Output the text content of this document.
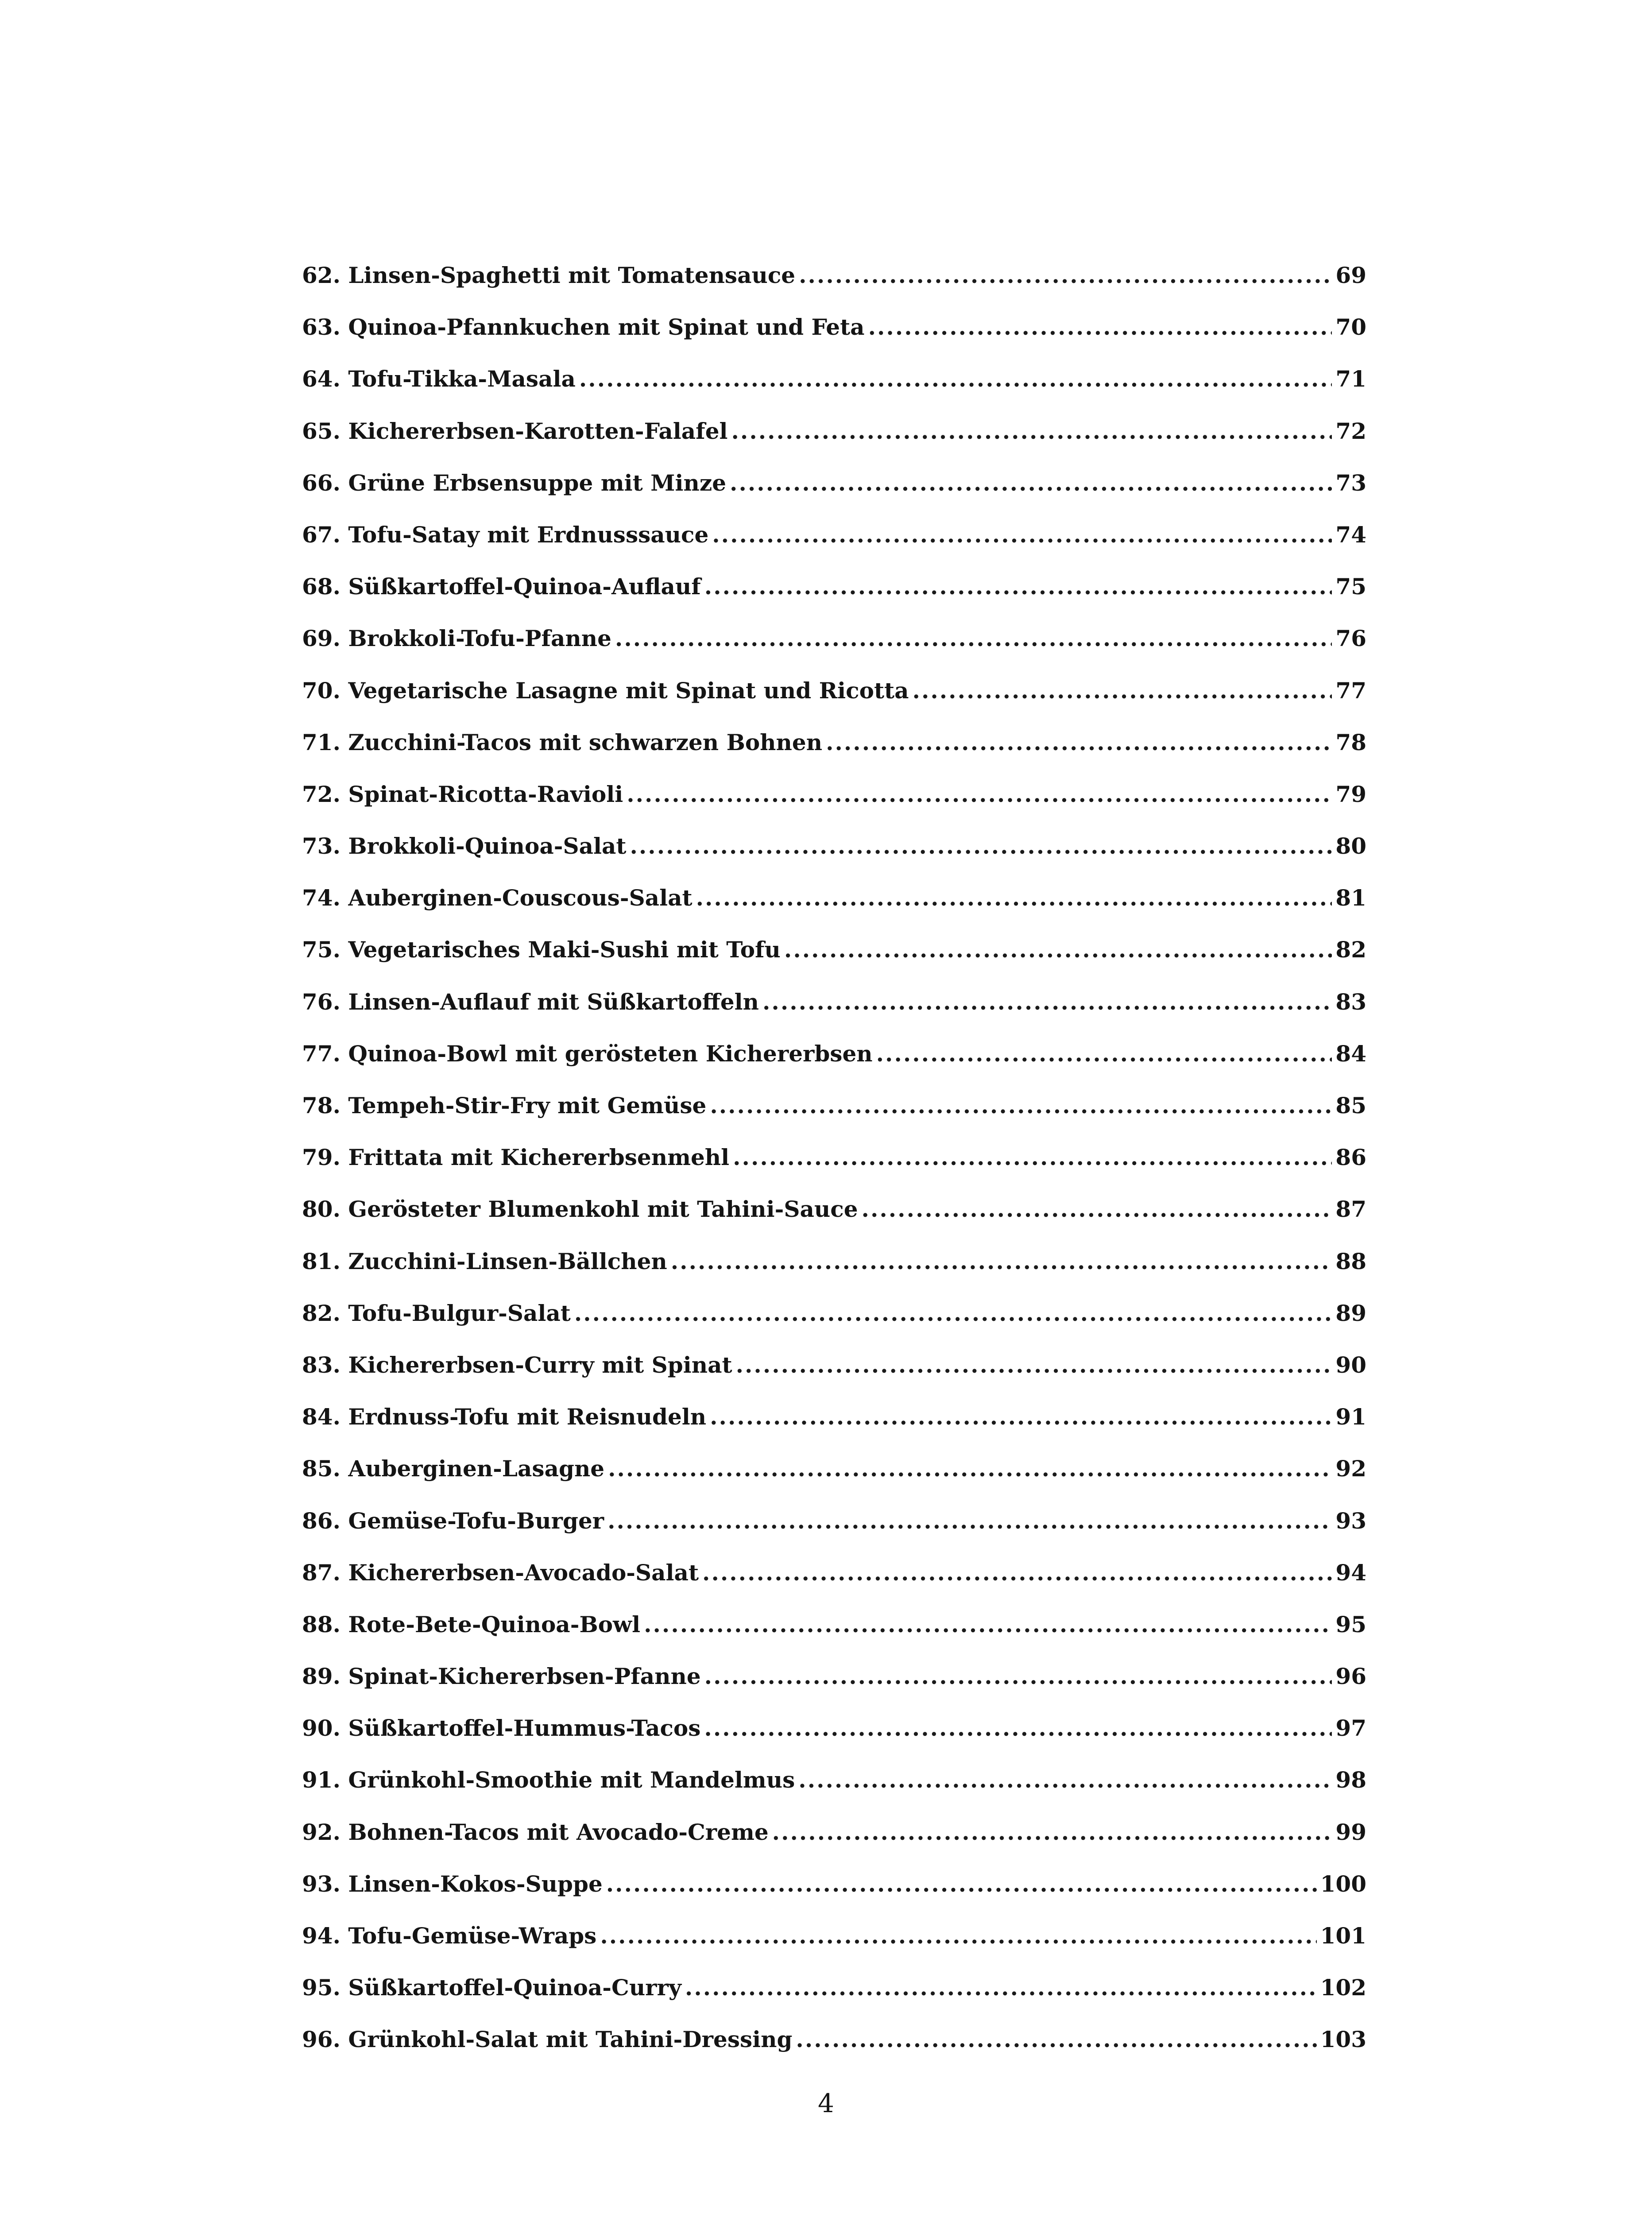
62. Linsen-Spaghetti mit Tomatensauce .....	69
63. Quinoa-Pfannkuchen mit Spinat und Feta .....	70
64. Tofu-Tikka-Masala .....	71
65. Kichererbsen-Karotten-Falafel .....	72
66. Grüne Erbsensuppe mit Minze .....	73
67. Tofu-Satay mit Erdnusssauce .....	74
68. Süßkartoffel-Quinoa-Auflauf .....	75
69. Brokkoli-Tofu-Pfanne .....	76
70. Vegetarische Lasagne mit Spinat und Ricotta .....	77
71. Zucchini-Tacos mit schwarzen Bohnen .....	78
72. Spinat-Ricotta-Ravioli .....	79
73. Brokkoli-Quinoa-Salat .....	80
74. Auberginen-Couscous-Salat .....	81
75. Vegetarisches Maki-Sushi mit Tofu .....	82
76. Linsen-Auflauf mit Süßkartoffeln .....	83
77. Quinoa-Bowl mit gerösteten Kichererbsen .....	84
78. Tempeh-Stir-Fry mit Gemüse .....	85
79. Frittata mit Kichererbsenmehl .....	86
80. Gerösteter Blumenkohl mit Tahini-Sauce .....	87
81. Zucchini-Linsen-Bällchen .....	88
82. Tofu-Bulgur-Salat .....	89
83. Kichererbsen-Curry mit Spinat .....	90
84. Erdnuss-Tofu mit Reisnudeln .....	91
85. Auberginen-Lasagne .....	92
86. Gemüse-Tofu-Burger .....	93
87. Kichererbsen-Avocado-Salat .....	94
88. Rote-Bete-Quinoa-Bowl .....	95
89. Spinat-Kichererbsen-Pfanne .....	96
90. Süßkartoffel-Hummus-Tacos .....	97
91. Grünkohl-Smoothie mit Mandelmus .....	98
92. Bohnen-Tacos mit Avocado-Creme .....	99
93. Linsen-Kokos-Suppe .....	100
94. Tofu-Gemüse-Wraps .....	101
95. Süßkartoffel-Quinoa-Curry .....	102
96. Grünkohl-Salat mit Tahini-Dressing .....	103
4
